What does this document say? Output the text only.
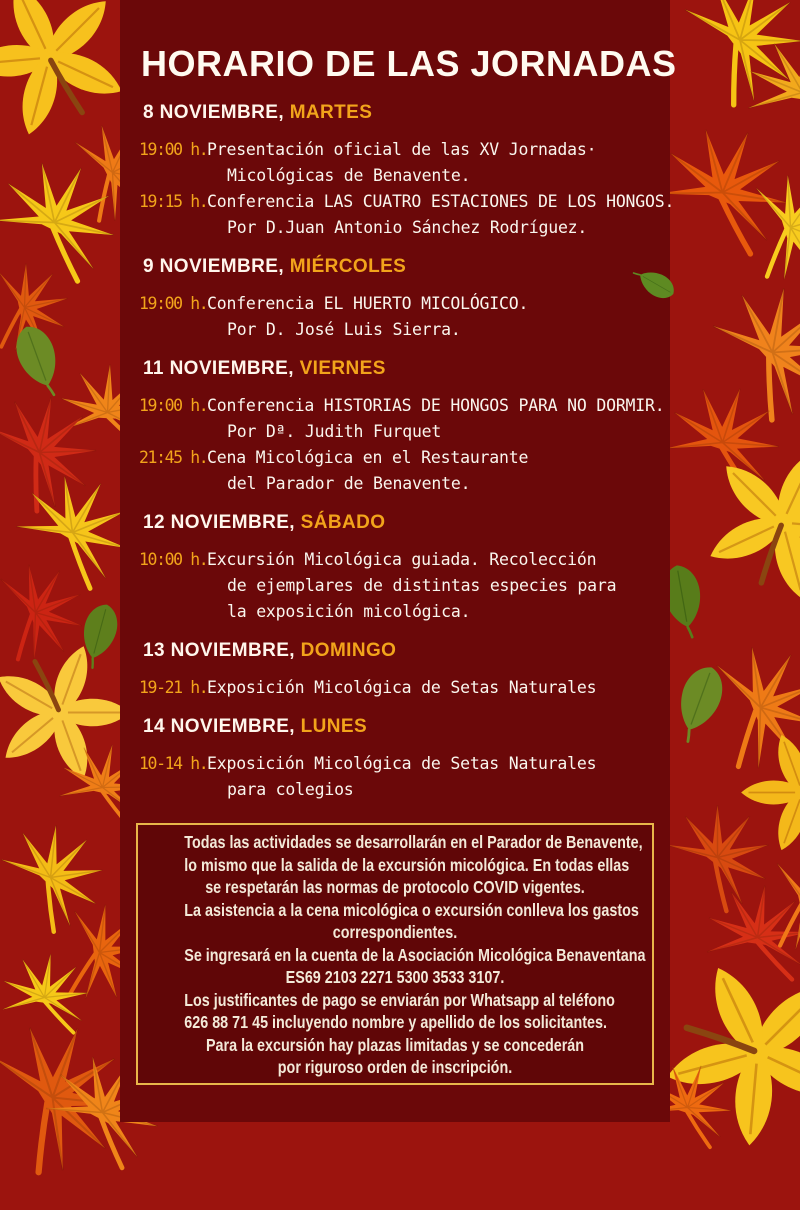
HORARIO DE LAS JORNADAS
8 NOVIEMBRE, MARTES
19:00 h. Presentación oficial de las XV Jornadas·
Micológicas de Benavente.
19:15 h. Conferencia LAS CUATRO ESTACIONES DE LOS HONGOS.
Por D.Juan Antonio Sánchez Rodríguez.
9 NOVIEMBRE, MIÉRCOLES
19:00 h. Conferencia EL HUERTO MICOLÓGICO.
Por D. José Luis Sierra.
11 NOVIEMBRE, VIERNES
19:00 h. Conferencia HISTORIAS DE HONGOS PARA NO DORMIR.
Por Dª. Judith Furquet
21:45 h. Cena Micológica en el Restaurante
del Parador de Benavente.
12 NOVIEMBRE, SÁBADO
10:00 h. Excursión Micológica guiada. Recolección
de ejemplares de distintas especies para
la exposición micológica.
13 NOVIEMBRE, DOMINGO
19-21 h. Exposición Micológica de Setas Naturales
14 NOVIEMBRE, LUNES
10-14 h. Exposición Micológica de Setas Naturales
para colegios
Todas las actividades se desarrollarán en el Parador de Benavente,
lo mismo que la salida de la excursión micológica. En todas ellas
se respetarán las normas de protocolo COVID vigentes.
La asistencia a la cena micológica o excursión conlleva los gastos
correspondientes.
Se ingresará en la cuenta de la Asociación Micológica Benaventana
ES69 2103 2271 5300 3533 3107.
Los justificantes de pago se enviarán por Whatsapp al teléfono
626 88 71 45 incluyendo nombre y apellido de los solicitantes.
Para la excursión hay plazas limitadas y se concederán
por riguroso orden de inscripción.
